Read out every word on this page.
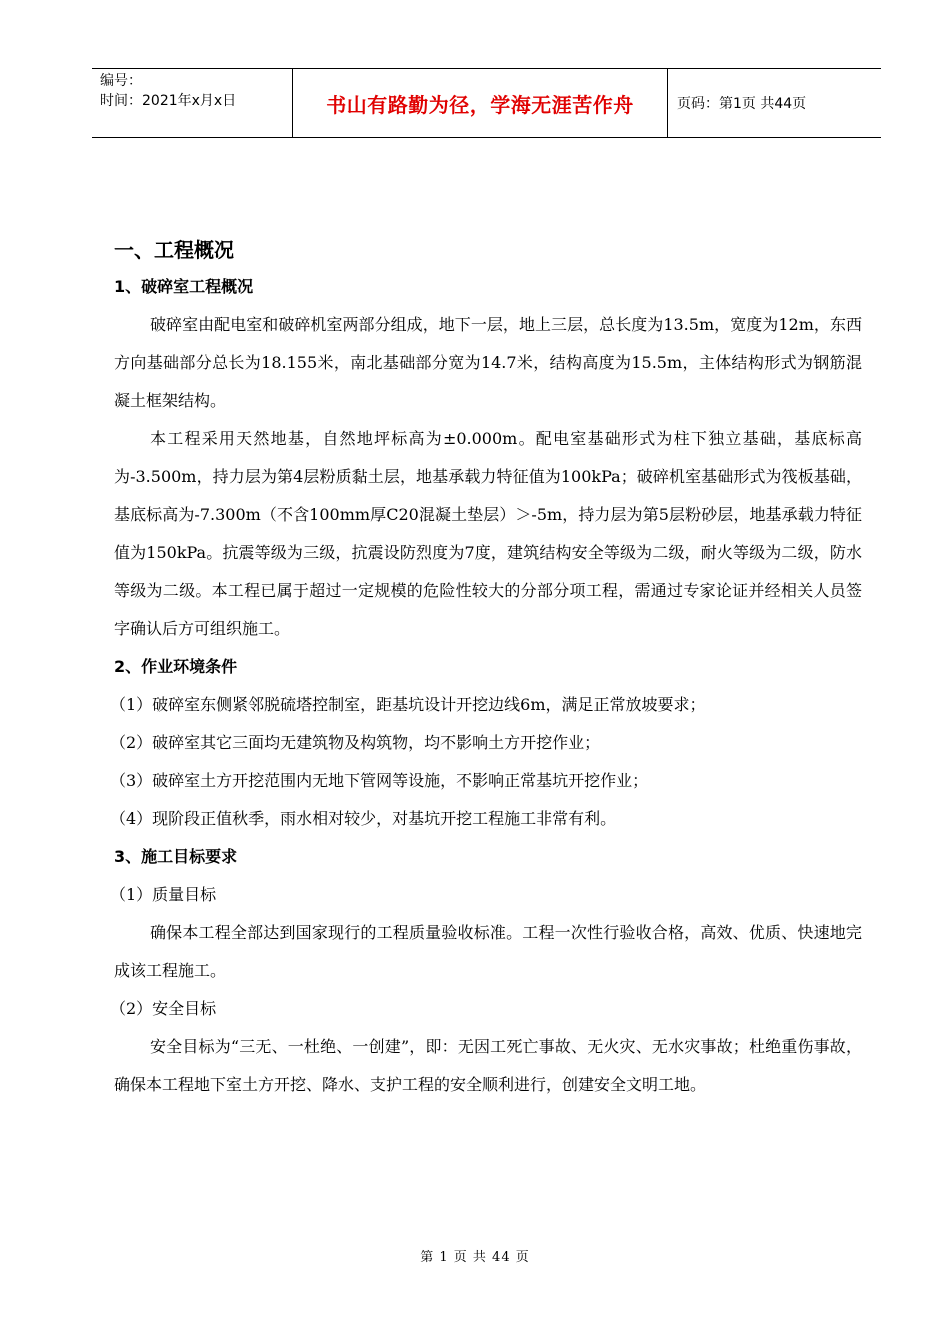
编号：
时间：2021年x月x日	书山有路勤为径，学海无涯苦作舟	页码：第1页 共44页
一、工程概况
1、破碎室工程概况

破碎室由配电室和破碎机室两部分组成，地下一层，地上三层，总长度为13.5m，宽度为12m，东西方向基础部分总长为18.155米，南北基础部分宽为14.7米，结构高度为15.5m，主体结构形式为钢筋混凝土框架结构。

本工程采用天然地基，自然地坪标高为±0.000m。配电室基础形式为柱下独立基础，基底标高为-3.500m，持力层为第4层粉质黏土层，地基承载力特征值为100kPa；破碎机室基础形式为筏板基础，基底标高为-7.300m（不含100mm厚C20混凝土垫层）＞-5m，持力层为第5层粉砂层，地基承载力特征值为150kPa。抗震等级为三级，抗震设防烈度为7度，建筑结构安全等级为二级，耐火等级为二级，防水等级为二级。本工程已属于超过一定规模的危险性较大的分部分项工程，需通过专家论证并经相关人员签字确认后方可组织施工。

2、作业环境条件

（1）破碎室东侧紧邻脱硫塔控制室，距基坑设计开挖边线6m，满足正常放坡要求；

（2）破碎室其它三面均无建筑物及构筑物，均不影响土方开挖作业；

（3）破碎室土方开挖范围内无地下管网等设施，不影响正常基坑开挖作业；

（4）现阶段正值秋季，雨水相对较少，对基坑开挖工程施工非常有利。

3、施工目标要求

（1）质量目标

确保本工程全部达到国家现行的工程质量验收标准。工程一次性行验收合格，高效、优质、快速地完成该工程施工。

（2）安全目标

安全目标为“三无、一杜绝、一创建”，即：无因工死亡事故、无火灾、无水灾事故；杜绝重伤事故，确保本工程地下室土方开挖、降水、支护工程的安全顺利进行，创建安全文明工地。

第 1 页 共 44 页
